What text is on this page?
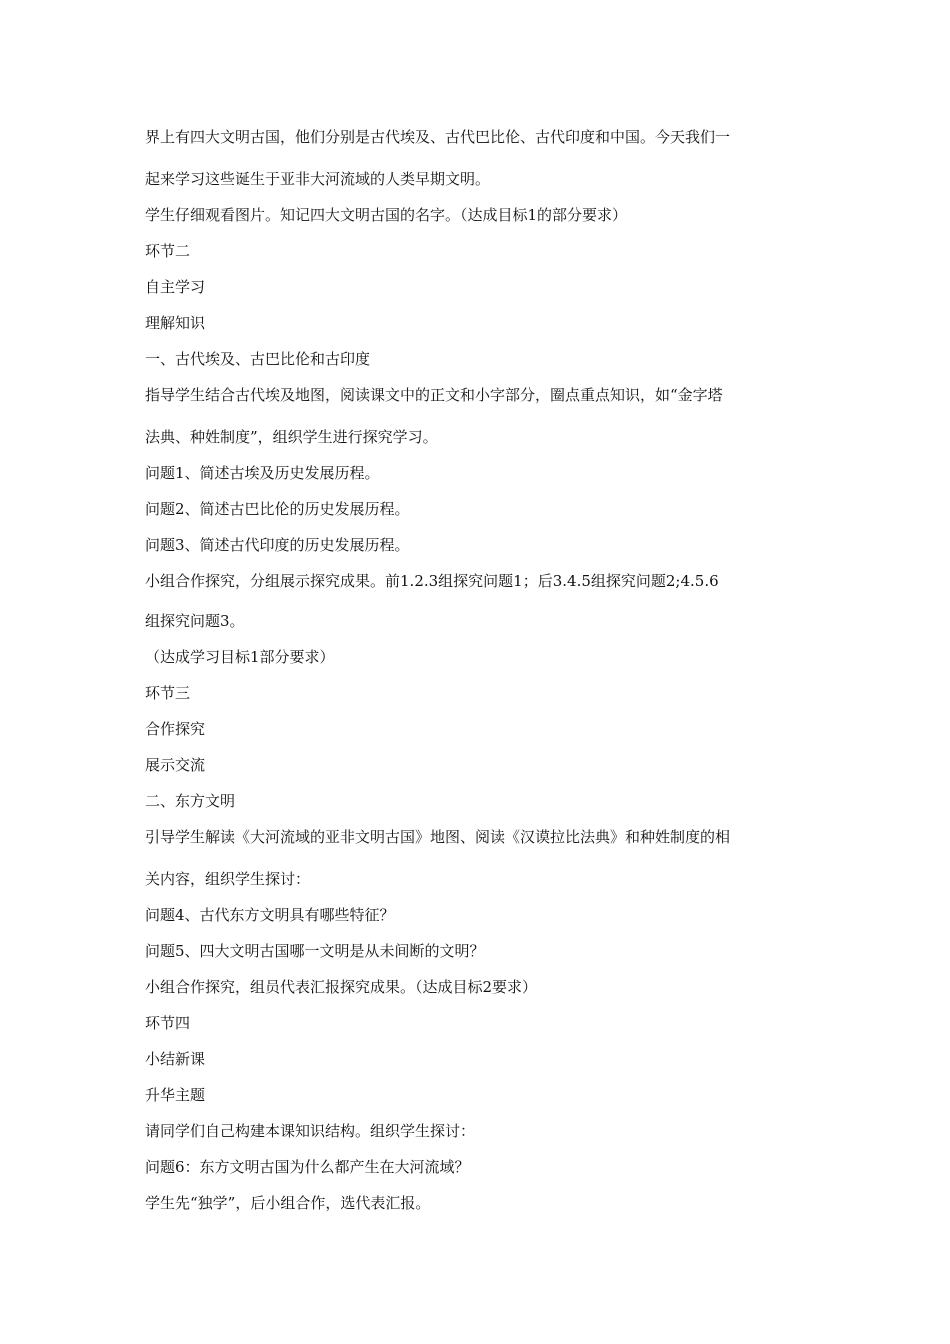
界上有四大文明古国，他们分别是古代埃及、古代巴比伦、古代印度和中国。今天我们一
起来学习这些诞生于亚非大河流域的人类早期文明。
学生仔细观看图片。知记四大文明古国的名字。（达成目标1的部分要求）
环节二
自主学习
理解知识
一、古代埃及、古巴比伦和古印度
指导学生结合古代埃及地图，阅读课文中的正文和小字部分，圈点重点知识，如“金字塔
法典、种姓制度”，组织学生进行探究学习。
问题1、简述古埃及历史发展历程。
问题2、简述古巴比伦的历史发展历程。
问题3、简述古代印度的历史发展历程。
小组合作探究，分组展示探究成果。前1.2.3组探究问题1；后3.4.5组探究问题2;4.5.6
组探究问题3。
（达成学习目标1部分要求）
环节三
合作探究
展示交流
二、东方文明
引导学生解读《大河流域的亚非文明古国》地图、阅读《汉谟拉比法典》和种姓制度的相
关内容，组织学生探讨：
问题4、古代东方文明具有哪些特征？
问题5、四大文明古国哪一文明是从未间断的文明？
小组合作探究，组员代表汇报探究成果。（达成目标2要求）
环节四
小结新课
升华主题
请同学们自己构建本课知识结构。组织学生探讨：
问题6：东方文明古国为什么都产生在大河流域？
学生先“独学”，后小组合作，选代表汇报。
